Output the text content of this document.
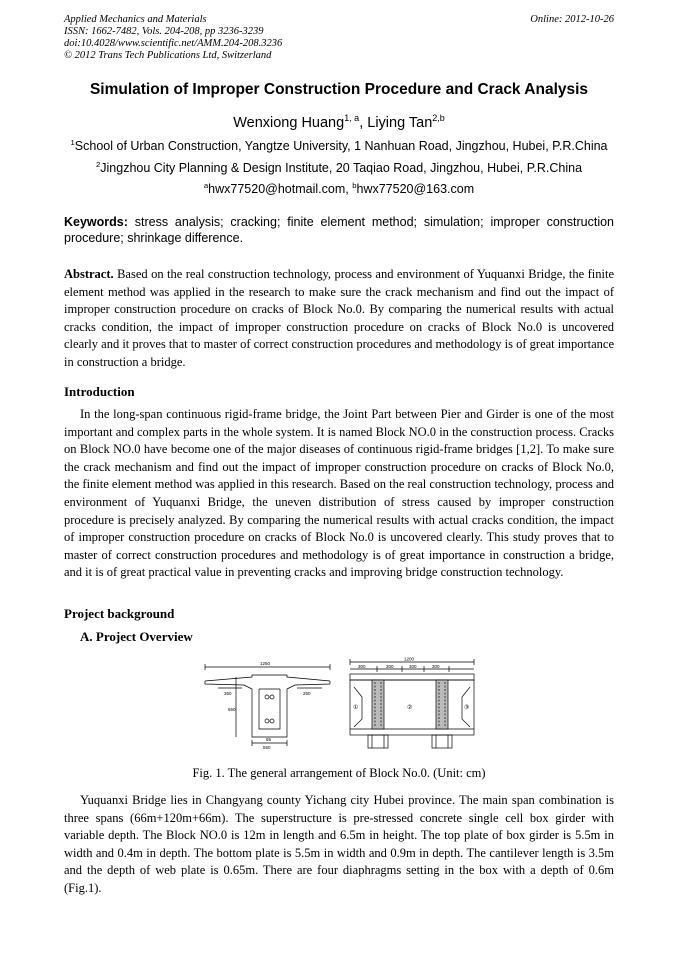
Applied Mechanics and Materials
ISSN: 1662-7482, Vols. 204-208, pp 3236-3239
doi:10.4028/www.scientific.net/AMM.204-208.3236
© 2012 Trans Tech Publications Ltd, Switzerland
Online: 2012-10-26
Simulation of Improper Construction Procedure and Crack Analysis
Wenxiong Huang$^{1, a}$, Liying Tan$^{2,b}$
$^1$School of Urban Construction, Yangtze University, 1 Nanhuan Road, Jingzhou, Hubei, P.R.China
$^2$Jingzhou City Planning & Design Institute, 20 Taqiao Road, Jingzhou, Hubei, P.R.China
$^a$hwx77520@hotmail.com, $^b$hwx77520@163.com
Keywords: stress analysis; cracking; finite element method; simulation; improper construction procedure; shrinkage difference.
Abstract. Based on the real construction technology, process and environment of Yuquanxi Bridge, the finite element method was applied in the research to make sure the crack mechanism and find out the impact of improper construction procedure on cracks of Block No.0. By comparing the numerical results with actual cracks condition, the impact of improper construction procedure on cracks of Block No.0 is uncovered clearly and it proves that to master of correct construction procedures and methodology is of great importance in construction a bridge.
Introduction
In the long-span continuous rigid-frame bridge, the Joint Part between Pier and Girder is one of the most important and complex parts in the whole system. It is named Block NO.0 in the construction process. Cracks on Block NO.0 have become one of the major diseases of continuous rigid-frame bridges [1,2]. To make sure the crack mechanism and find out the impact of improper construction procedure on cracks of Block No.0, the finite element method was applied in this research. Based on the real construction technology, process and environment of Yuquanxi Bridge, the uneven distribution of stress caused by improper construction procedure is precisely analyzed. By comparing the numerical results with actual cracks condition, the impact of improper construction procedure on cracks of Block No.0 is uncovered clearly. This study proves that to master of correct construction procedures and methodology is of great importance in construction a bridge, and it is of great practical value in preventing cracks and improving bridge construction technology.
Project background
A. Project Overview
1250
350	250
650
550
65
1200
300	300	300	300
①	②	③
Fig. 1. The general arrangement of Block No.0. (Unit: cm)
Yuquanxi Bridge lies in Changyang county Yichang city Hubei province. The main span combination is three spans (66m+120m+66m). The superstructure is pre-stressed concrete single cell box girder with variable depth. The Block NO.0 is 12m in length and 6.5m in height. The top plate of box girder is 5.5m in width and 0.4m in depth. The bottom plate is 5.5m in width and 0.9m in depth. The cantilever length is 3.5m and the depth of web plate is 0.65m. There are four diaphragms setting in the box with a depth of 0.6m (Fig.1).
